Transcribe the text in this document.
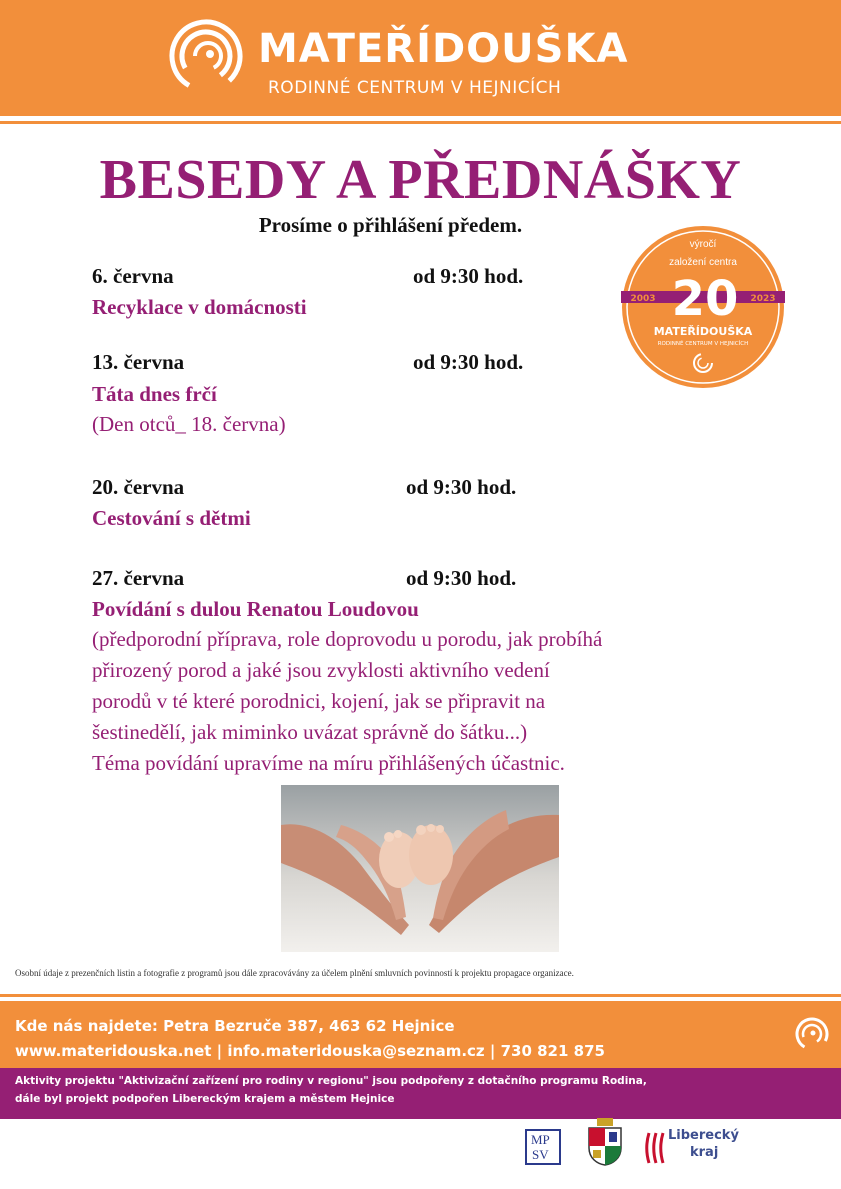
MATEŘÍDOUŠKA
RODINNÉ CENTRUM V HEJNICÍCH
BESEDY A PŘEDNÁŠKY
Prosíme o přihlášení předem.
výročí
založení centra
2003	2023
20
MATEŘÍDOUŠKA
RODINNÉ CENTRUM V HEJNICÍCH
6. června	od 9:30 hod.
Recyklace v domácnosti
13. června	od 9:30 hod.
Táta dnes frčí
(Den otců_ 18. června)
20. června	od 9:30 hod.
Cestování s dětmi
27. června	od 9:30 hod.
Povídání s dulou Renatou Loudovou
(předporodní příprava, role doprovodu u porodu, jak probíhá
přirozený porod a jaké jsou zvyklosti aktivního vedení
porodů v té které porodnici, kojení, jak se připravit na
šestinedělí, jak miminko uvázat správně do šátku...)
Téma povídání upravíme na míru přihlášených účastnic.
Osobní údaje z prezenčních listin a fotografie z programů jsou dále zpracovávány za účelem plnění smluvních povinností k projektu propagace organizace.
Kde nás najdete: Petra Bezruče 387, 463 62 Hejnice
www.materidouska.net | info.materidouska@seznam.cz | 730 821 875
Aktivity projektu "Aktivizační zařízení pro rodiny v regionu" jsou podpořeny z dotačního programu Rodina,
dále byl projekt podpořen Libereckým krajem a městem Hejnice
MP
SV
Liberecký
kraj
